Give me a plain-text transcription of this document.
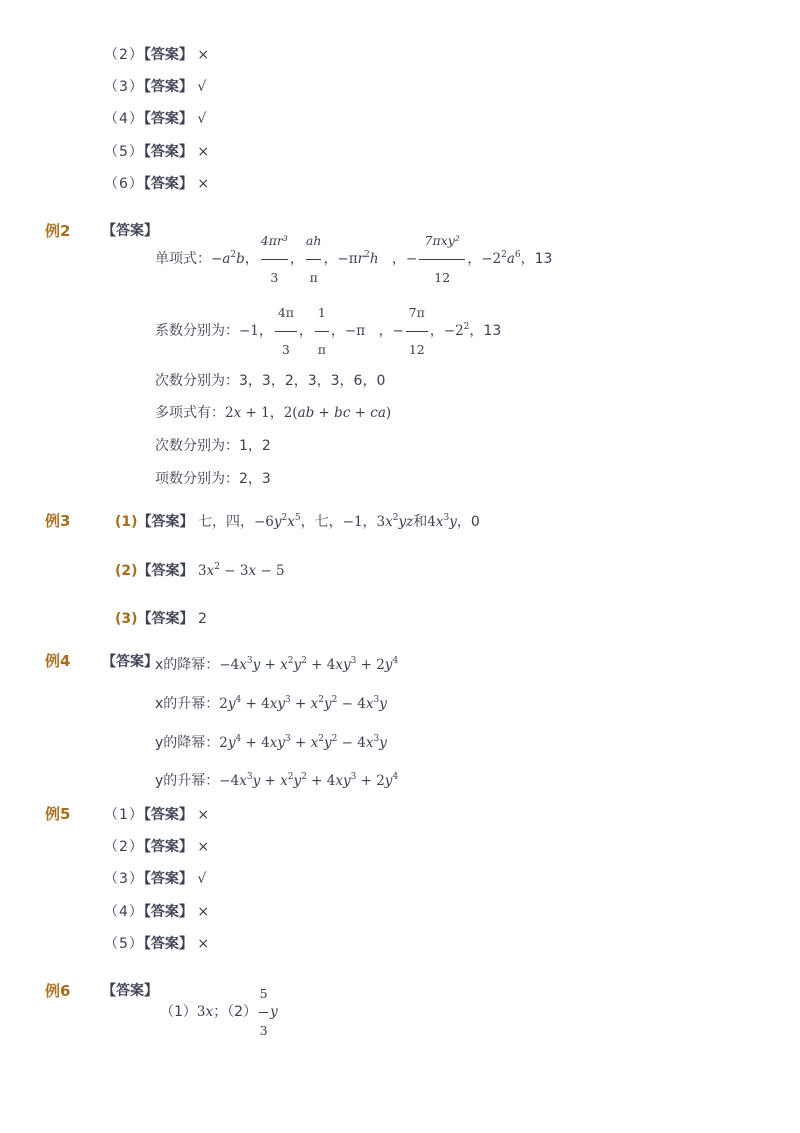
（2）【答案】 ×
（3）【答案】 √
（4）【答案】 √
（5）【答案】 ×
（6）【答案】 ×
例2 【答案】
单项式：$-a^2b$， $\frac{\text{4πr³}}{3}$ ， $\frac{ah}{\pi}$ ，$-\pi r^2h$ ，− $\frac{\text{7πxy²}}{12}$ ，$-2^2a^6$，13
系数分别为：−1， $\frac{4\pi}{3}$ ， $\frac{1}{\pi}$ ，−π ，− $\frac{7\pi}{12}$ ，$-2^2$，13
次数分别为：3，3，2，3，3，6，0
多项式有：2x + 1，2(ab + bc + ca)
次数分别为：1，2
项数分别为：2，3
例3	(1)【答案】 七，四，$-6y^2x^5$，七，−1，$3x^2yz$和$4x^3y$，0
(2)【答案】 $3x^2 - 3x - 5$
(3)【答案】 2
例4 【答案】
x的降幂：$-4x^3y + x^2y^2 + 4xy^3 + 2y^4$
x的升幂：$2y^4 + 4xy^3 + x^2y^2 - 4x^3y$
y的降幂：$2y^4 + 4xy^3 + x^2y^2 - 4x^3y$
y的升幂：$-4x^3y + x^2y^2 + 4xy^3 + 2y^4$
例5 （1）【答案】 ×
（2）【答案】 ×
（3）【答案】 √
（4）【答案】 ×
（5）【答案】 ×
例6 【答案】
（1）3x；$(2) \frac{5}{3}$ y
